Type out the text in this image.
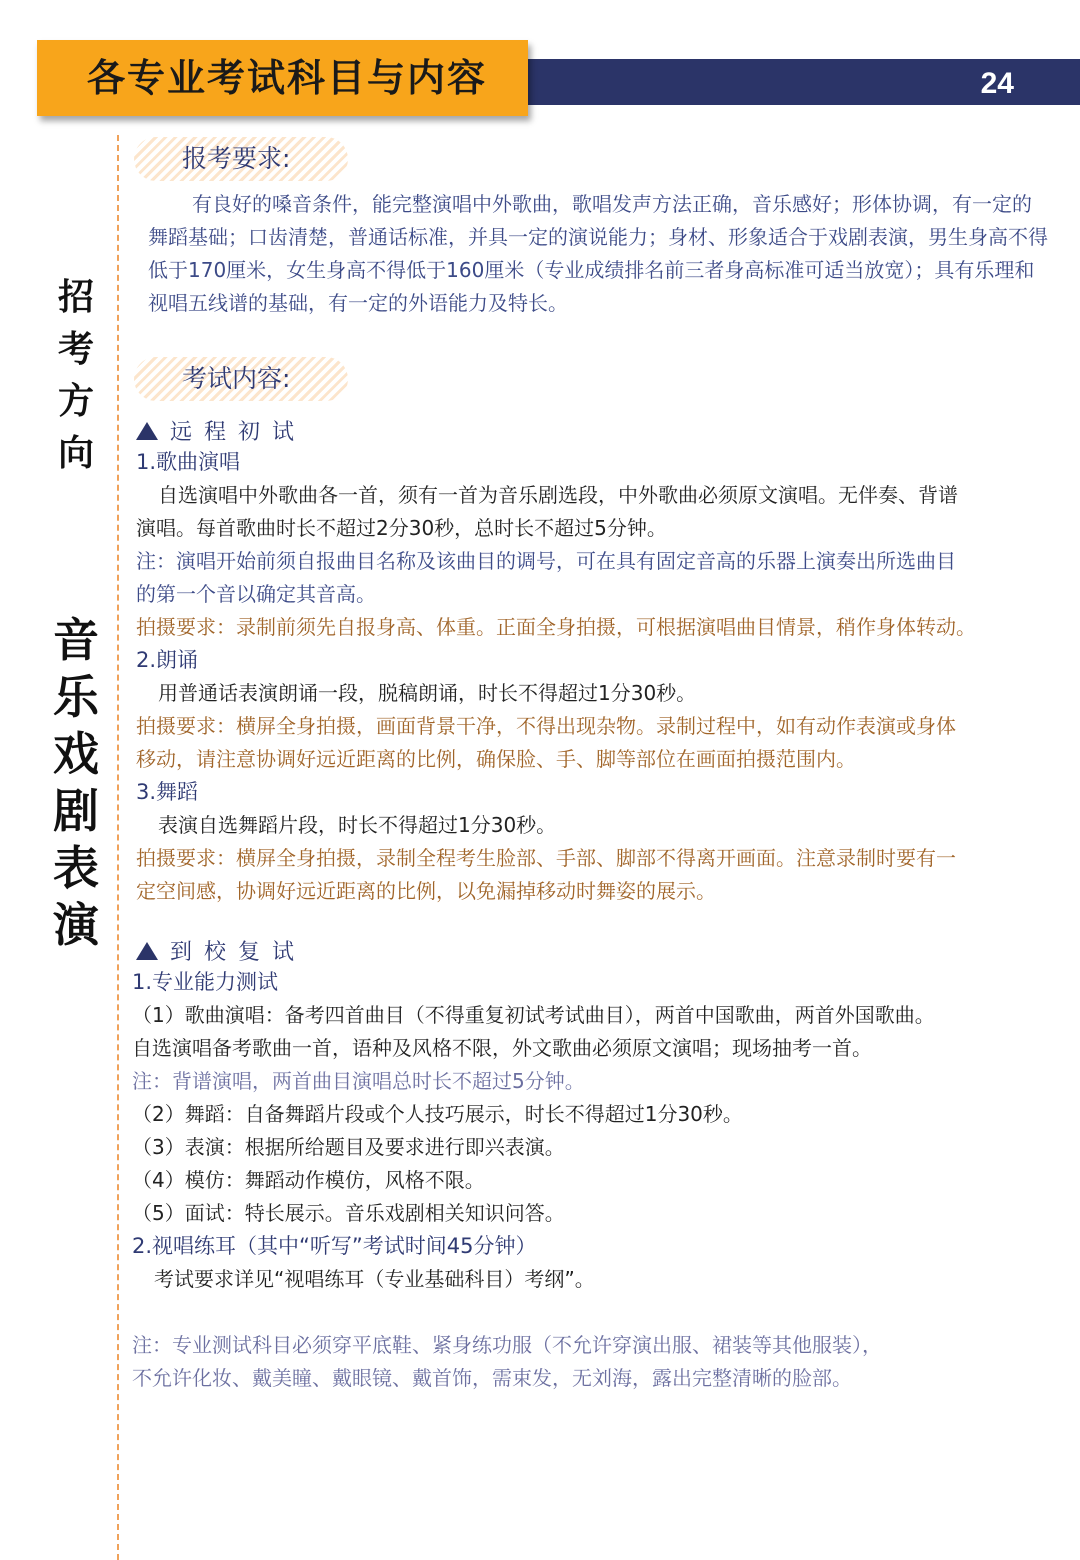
24
各专业考试科目与内容
招
考
方
向
音
乐
戏
剧
表
演
报考要求:
有良好的嗓音条件，能完整演唱中外歌曲，歌唱发声方法正确，音乐感好；形体协调，有一定的舞蹈基础；口齿清楚，普通话标准，并具一定的演说能力；身材、形象适合于戏剧表演，男生身高不得低于170厘米，女生身高不得低于160厘米（专业成绩排名前三者身高标准可适当放宽）；具有乐理和视唱五线谱的基础，有一定的外语能力及特长。
考试内容:
远程初试
1.歌曲演唱
自选演唱中外歌曲各一首，须有一首为音乐剧选段，中外歌曲必须原文演唱。无伴奏、背谱
演唱。每首歌曲时长不超过2分30秒，总时长不超过5分钟。
注：演唱开始前须自报曲目名称及该曲目的调号，可在具有固定音高的乐器上演奏出所选曲目
的第一个音以确定其音高。
拍摄要求：录制前须先自报身高、体重。正面全身拍摄，可根据演唱曲目情景，稍作身体转动。
2.朗诵
用普通话表演朗诵一段，脱稿朗诵，时长不得超过1分30秒。
拍摄要求：横屏全身拍摄，画面背景干净，不得出现杂物。录制过程中，如有动作表演或身体
移动，请注意协调好远近距离的比例，确保脸、手、脚等部位在画面拍摄范围内。
3.舞蹈
表演自选舞蹈片段，时长不得超过1分30秒。
拍摄要求：横屏全身拍摄，录制全程考生脸部、手部、脚部不得离开画面。注意录制时要有一
定空间感，协调好远近距离的比例，以免漏掉移动时舞姿的展示。
到校复试
1.专业能力测试
（1）歌曲演唱：备考四首曲目（不得重复初试考试曲目），两首中国歌曲，两首外国歌曲。
自选演唱备考歌曲一首，语种及风格不限，外文歌曲必须原文演唱；现场抽考一首。
注：背谱演唱，两首曲目演唱总时长不超过5分钟。
（2）舞蹈：自备舞蹈片段或个人技巧展示，时长不得超过1分30秒。
（3）表演：根据所给题目及要求进行即兴表演。
（4）模仿：舞蹈动作模仿，风格不限。
（5）面试：特长展示。音乐戏剧相关知识问答。
2.视唱练耳（其中“听写”考试时间45分钟）
考试要求详见“视唱练耳（专业基础科目）考纲”。
注：专业测试科目必须穿平底鞋、紧身练功服（不允许穿演出服、裙装等其他服装），
不允许化妆、戴美瞳、戴眼镜、戴首饰，需束发，无刘海，露出完整清晰的脸部。
